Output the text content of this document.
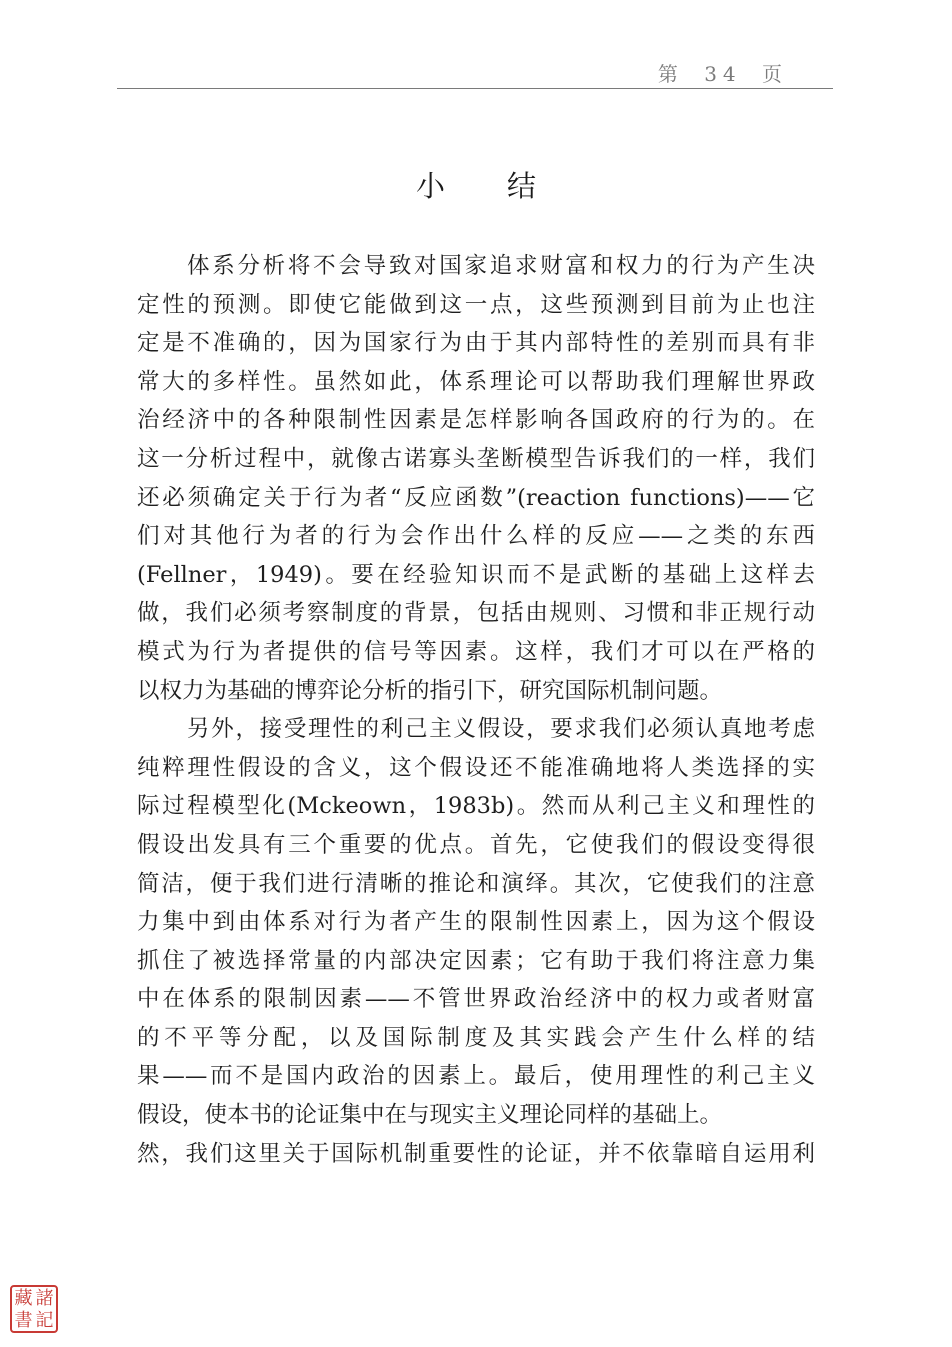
第 34 页
小 结
体系分析将不会导致对国家追求财富和权力的行为产生决
定性的预测。即使它能做到这一点，这些预测到目前为止也注
定是不准确的，因为国家行为由于其内部特性的差别而具有非
常大的多样性。虽然如此，体系理论可以帮助我们理解世界政
治经济中的各种限制性因素是怎样影响各国政府的行为的。在
这一分析过程中，就像古诺寡头垄断模型告诉我们的一样，我们
还必须确定关于行为者“反应函数”(reaction functions)——它
们对其他行为者的行为会作出什么样的反应——之类的东西
(Fellner，1949)。要在经验知识而不是武断的基础上这样去
做，我们必须考察制度的背景，包括由规则、习惯和非正规行动
模式为行为者提供的信号等因素。这样，我们才可以在严格的
以权力为基础的博弈论分析的指引下，研究国际机制问题。
另外，接受理性的利己主义假设，要求我们必须认真地考虑
纯粹理性假设的含义，这个假设还不能准确地将人类选择的实
际过程模型化(Mckeown，1983b)。然而从利己主义和理性的
假设出发具有三个重要的优点。首先，它使我们的假设变得很
简洁，便于我们进行清晰的推论和演绎。其次，它使我们的注意
力集中到由体系对行为者产生的限制性因素上，因为这个假设
抓住了被选择常量的内部决定因素；它有助于我们将注意力集
中在体系的限制因素——不管世界政治经济中的权力或者财富
的不平等分配，以及国际制度及其实践会产生什么样的结
果——而不是国内政治的因素上。最后，使用理性的利己主义
假设，使本书的论证集中在与现实主义理论同样的基础上。
然，我们这里关于国际机制重要性的论证，并不依靠暗自运用利
藏 諸
書 記
